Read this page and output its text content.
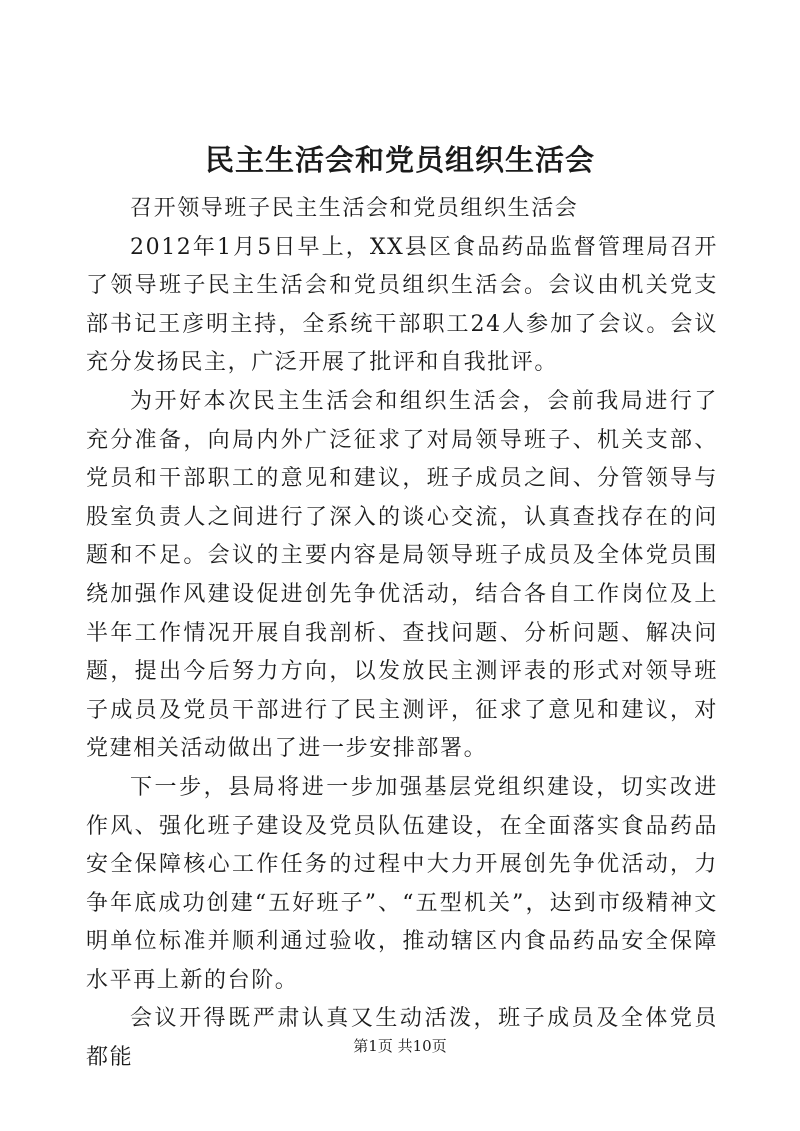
民主生活会和党员组织生活会

召开领导班子民主生活会和党员组织生活会

2012年1月5日早上，XX县区食品药品监督管理局召开了领导班子民主生活会和党员组织生活会。会议由机关党支部书记王彦明主持，全系统干部职工24人参加了会议。会议充分发扬民主，广泛开展了批评和自我批评。

为开好本次民主生活会和组织生活会，会前我局进行了充分准备，向局内外广泛征求了对局领导班子、机关支部、党员和干部职工的意见和建议，班子成员之间、分管领导与股室负责人之间进行了深入的谈心交流，认真查找存在的问题和不足。会议的主要内容是局领导班子成员及全体党员围绕加强作风建设促进创先争优活动，结合各自工作岗位及上半年工作情况开展自我剖析、查找问题、分析问题、解决问题，提出今后努力方向，以发放民主测评表的形式对领导班子成员及党员干部进行了民主测评，征求了意见和建议，对党建相关活动做出了进一步安排部署。

下一步，县局将进一步加强基层党组织建设，切实改进作风、强化班子建设及党员队伍建设，在全面落实食品药品安全保障核心工作任务的过程中大力开展创先争优活动，力争年底成功创建“五好班子”、“五型机关”，达到市级精神文明单位标准并顺利通过验收，推动辖区内食品药品安全保障水平再上新的台阶。

会议开得既严肃认真又生动活泼，班子成员及全体党员都能	第1页 共10页
